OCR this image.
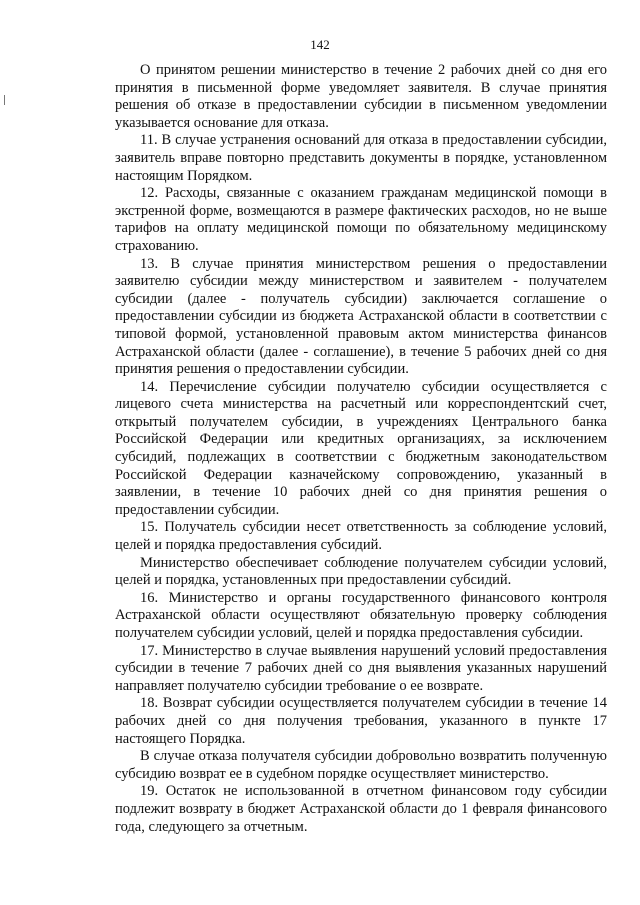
142

О принятом решении министерство в течение 2 рабочих дней со дня его принятия в письменной форме уведомляет заявителя. В случае принятия решения об отказе в предоставлении субсидии в письменном уведомлении указывается основание для отказа.

11. В случае устранения оснований для отказа в предоставлении субсидии, заявитель вправе повторно представить документы в порядке, установленном настоящим Порядком.

12. Расходы, связанные с оказанием гражданам медицинской помощи в экстренной форме, возмещаются в размере фактических расходов, но не выше тарифов на оплату медицинской помощи по обязательному медицинскому страхованию.

13. В случае принятия министерством решения о предоставлении заявителю субсидии между министерством и заявителем - получателем субсидии (далее - получатель субсидии) заключается соглашение о предоставлении субсидии из бюджета Астраханской области в соответствии с типовой формой, установленной правовым актом министерства финансов Астраханской области (далее - соглашение), в течение 5 рабочих дней со дня принятия решения о предоставлении субсидии.

14. Перечисление субсидии получателю субсидии осуществляется с лицевого счета министерства на расчетный или корреспондентский счет, открытый получателем субсидии, в учреждениях Центрального банка Российской Федерации или кредитных организациях, за исключением субсидий, подлежащих в соответствии с бюджетным законодательством Российской Федерации казначейскому сопровождению, указанный в заявлении, в течение 10 рабочих дней со дня принятия решения о предоставлении субсидии.

15. Получатель субсидии несет ответственность за соблюдение условий, целей и порядка предоставления субсидий.

Министерство обеспечивает соблюдение получателем субсидии условий, целей и порядка, установленных при предоставлении субсидий.

16. Министерство и органы государственного финансового контроля Астраханской области осуществляют обязательную проверку соблюдения получателем субсидии условий, целей и порядка предоставления субсидии.

17. Министерство в случае выявления нарушений условий предоставления субсидии в течение 7 рабочих дней со дня выявления указанных нарушений направляет получателю субсидии требование о ее возврате.

18. Возврат субсидии осуществляется получателем субсидии в течение 14 рабочих дней со дня получения требования, указанного в пункте 17 настоящего Порядка.

В случае отказа получателя субсидии добровольно возвратить полученную субсидию возврат ее в судебном порядке осуществляет министерство.

19. Остаток не использованной в отчетном финансовом году субсидии подлежит возврату в бюджет Астраханской области до 1 февраля финансового года, следующего за отчетным.
